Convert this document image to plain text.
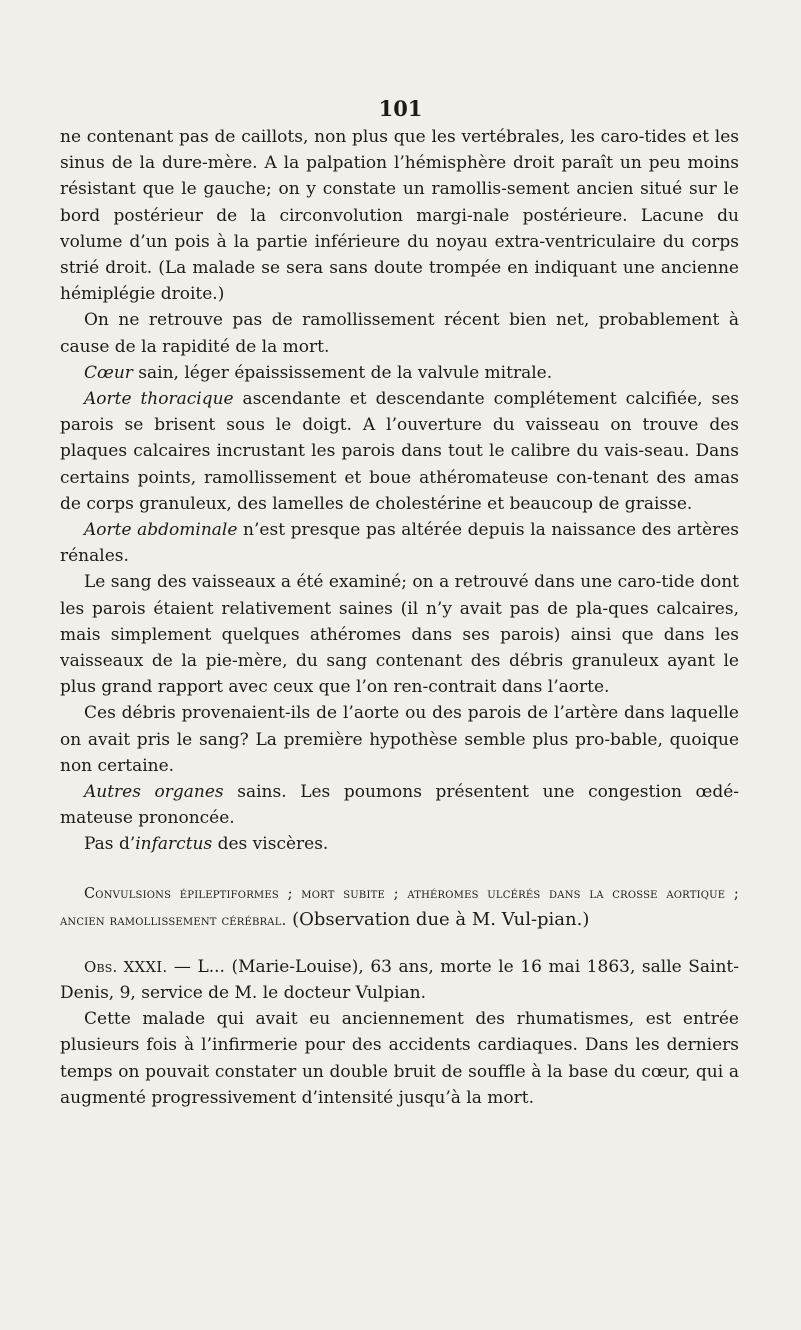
101

ne contenant pas de caillots, non plus que les vertébrales, les caro-tides et les sinus de la dure-mère. A la palpation l’hémisphère droit paraît un peu moins résistant que le gauche; on y constate un ramollis-sement ancien situé sur le bord postérieur de la circonvolution margi-nale postérieure. Lacune du volume d’un pois à la partie inférieure du noyau extra-ventriculaire du corps strié droit. (La malade se sera sans doute trompée en indiquant une ancienne hémiplégie droite.)

On ne retrouve pas de ramollissement récent bien net, probablement à cause de la rapidité de la mort.

Cœur sain, léger épaississement de la valvule mitrale.

Aorte thoracique ascendante et descendante complétement calcifiée, ses parois se brisent sous le doigt. A l’ouverture du vaisseau on trouve des plaques calcaires incrustant les parois dans tout le calibre du vais-seau. Dans certains points, ramollissement et boue athéromateuse con-tenant des amas de corps granuleux, des lamelles de cholestérine et beaucoup de graisse.

Aorte abdominale n’est presque pas altérée depuis la naissance des artères rénales.

Le sang des vaisseaux a été examiné; on a retrouvé dans une caro-tide dont les parois étaient relativement saines (il n’y avait pas de pla-ques calcaires, mais simplement quelques athéromes dans ses parois) ainsi que dans les vaisseaux de la pie-mère, du sang contenant des débris granuleux ayant le plus grand rapport avec ceux que l’on ren-contrait dans l’aorte.

Ces débris provenaient-ils de l’aorte ou des parois de l’artère dans laquelle on avait pris le sang? La première hypothèse semble plus pro-bable, quoique non certaine.

Autres organes sains. Les poumons présentent une congestion œdé-mateuse prononcée.

Pas d’infarctus des viscères.

Convulsions épileptiformes ; mort subite ; athéromes ulcérés dans la crosse aortique ; ancien ramollissement cérébral. (Observation due à M. Vul-pian.)

Obs. XXXI. — L... (Marie-Louise), 63 ans, morte le 16 mai 1863, salle Saint-Denis, 9, service de M. le docteur Vulpian.

Cette malade qui avait eu anciennement des rhumatismes, est entrée plusieurs fois à l’infirmerie pour des accidents cardiaques. Dans les derniers temps on pouvait constater un double bruit de souffle à la base du cœur, qui a augmenté progressivement d’intensité jusqu’à la mort.
